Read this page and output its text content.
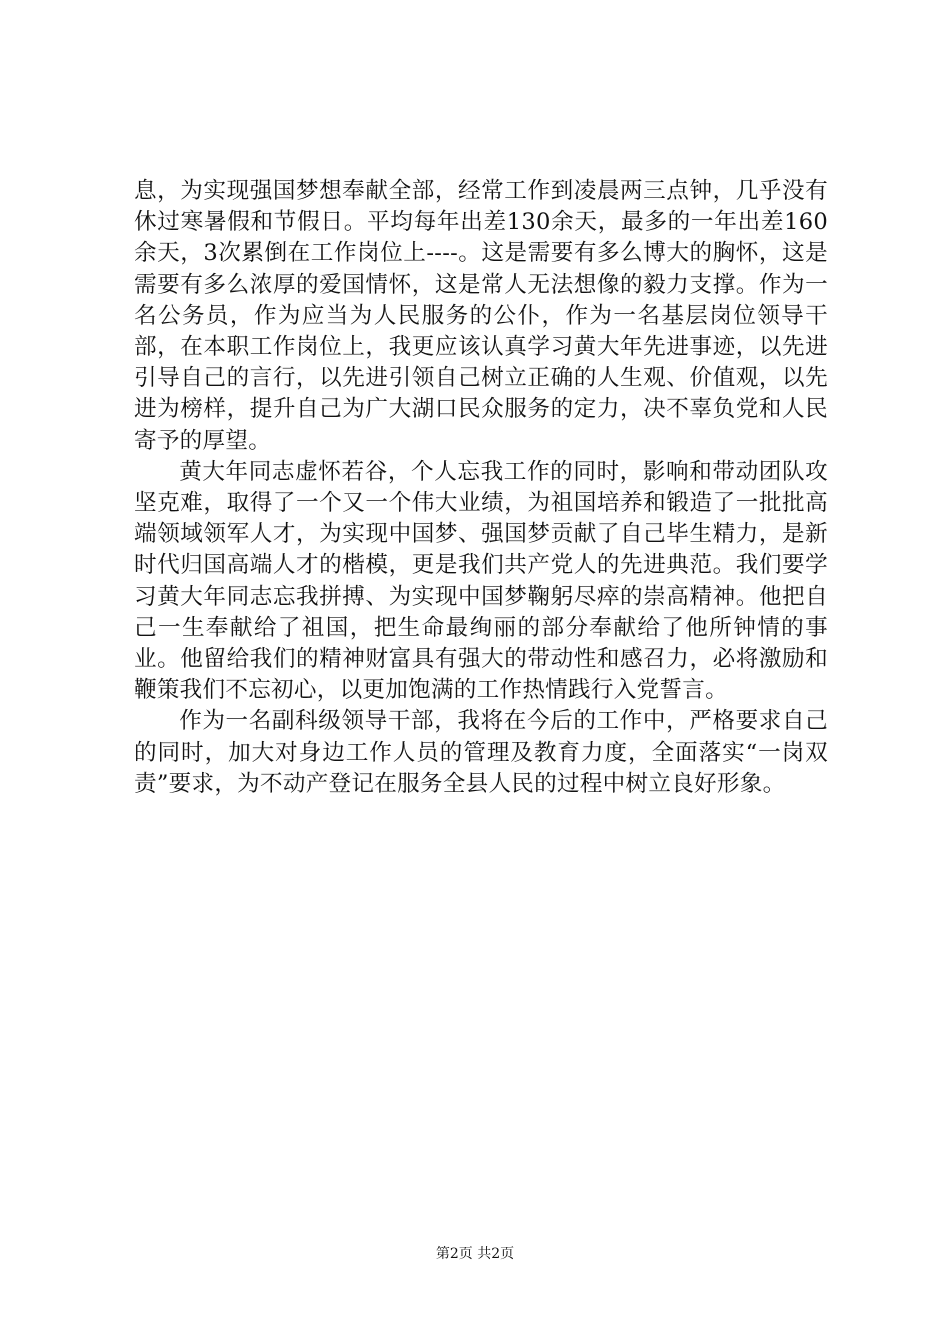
息，为实现强国梦想奉献全部，经常工作到凌晨两三点钟，几乎没有休过寒暑假和节假日。平均每年出差130余天，最多的一年出差160余天，3次累倒在工作岗位上----。这是需要有多么博大的胸怀，这是需要有多么浓厚的爱国情怀，这是常人无法想像的毅力支撑。作为一名公务员，作为应当为人民服务的公仆，作为一名基层岗位领导干部，在本职工作岗位上，我更应该认真学习黄大年先进事迹，以先进引导自己的言行，以先进引领自己树立正确的人生观、价值观，以先进为榜样，提升自己为广大湖口民众服务的定力，决不辜负党和人民寄予的厚望。

黄大年同志虚怀若谷，个人忘我工作的同时，影响和带动团队攻坚克难，取得了一个又一个伟大业绩，为祖国培养和锻造了一批批高端领域领军人才，为实现中国梦、强国梦贡献了自己毕生精力，是新时代归国高端人才的楷模，更是我们共产党人的先进典范。我们要学习黄大年同志忘我拼搏、为实现中国梦鞠躬尽瘁的崇高精神。他把自己一生奉献给了祖国，把生命最绚丽的部分奉献给了他所钟情的事业。他留给我们的精神财富具有强大的带动性和感召力，必将激励和鞭策我们不忘初心，以更加饱满的工作热情践行入党誓言。

作为一名副科级领导干部，我将在今后的工作中，严格要求自己的同时，加大对身边工作人员的管理及教育力度，全面落实“一岗双责”要求，为不动产登记在服务全县人民的过程中树立良好形象。

第2页 共2页
